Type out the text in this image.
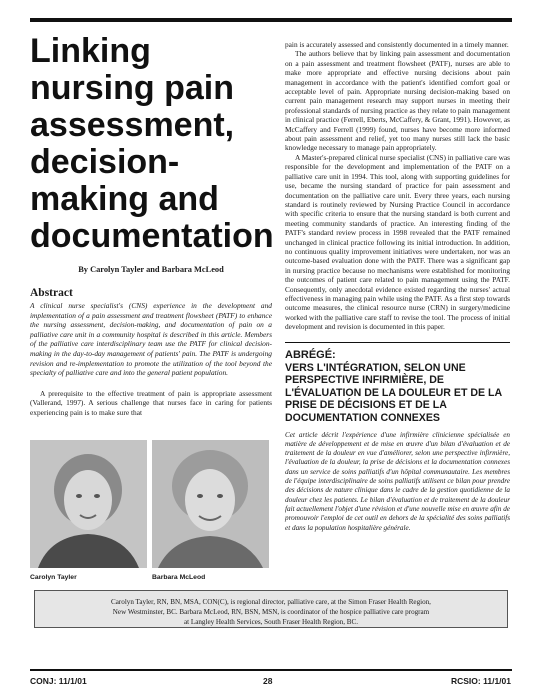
Linking nursing pain assessment, decision-making and documentation
By Carolyn Tayler and Barbara McLeod
Abstract
A clinical nurse specialist's (CNS) experience in the development and implementation of a pain assessment and treatment flowsheet (PATF) to enhance the nursing assessment, decision-making, and documentation of pain on a palliative care unit in a community hospital is described in this article. Members of the palliative care interdisciplinary team use the PATF for clinical decision-making in the day-to-day management of patients' pain. The PATF is undergoing revision and re-implementation to promote the utilization of the tool beyond the specialty of palliative care and into the general patient population.
A prerequisite to the effective treatment of pain is appropriate assessment (Vallerand, 1997). A serious challenge that nurses face in caring for patients experiencing pain is to make sure that
Carolyn Tayler	Barbara McLeod

pain is accurately assessed and consistently documented in a timely manner.

The authors believe that by linking pain assessment and documentation on a pain assessment and treatment flowsheet (PATF), nurses are able to make more appropriate and effective nursing decisions about pain management in accordance with the patient's identified comfort goal or acceptable level of pain. Appropriate nursing decision-making based on current pain management research may support nurses in meeting their professional standards of nursing practice as they relate to pain management in clinical practice (Ferrell, Eberts, McCaffery, & Grant, 1991). However, as McCaffery and Ferrell (1999) found, nurses have become more informed about pain assessment and relief, yet too many nurses still lack the basic knowledge necessary to manage pain appropriately.

A Master's-prepared clinical nurse specialist (CNS) in palliative care was responsible for the development and implementation of the PATF on a palliative care unit in 1994. This tool, along with supporting guidelines for use, became the nursing standard of practice for pain assessment and documentation on the palliative care unit. Every three years, each nursing standard is routinely reviewed by Nursing Practice Council in accordance with specific criteria to ensure that the nursing standard is both current and meeting community standards of practice. An interesting finding of the PATF's standard review process in 1998 revealed that the PATF remained unchanged in clinical practice following its initial introduction. In addition, no continuous quality improvement initiatives were undertaken, nor was an outcome-based evaluation done with the PATF. There was a significant gap in nursing practice because no mechanisms were established for monitoring the outcomes of patient care related to pain management using the PATF. Consequently, only anecdotal evidence existed regarding the nurses' actual effectiveness in managing pain while using the PATF. As a first step towards outcome measures, the clinical resource nurse (CRN) in surgery/medicine worked with the palliative care staff to revise the tool. The process of initial development and revision is documented in this paper.

ABRÉGÉ:
VERS L'INTÉGRATION, SELON UNE PERSPECTIVE INFIRMIÈRE, DE L'ÉVALUATION DE LA DOULEUR ET DE LA PRISE DE DÉCISIONS ET DE LA DOCUMENTATION CONNEXES
Cet article décrit l'expérience d'une infirmière clinicienne spécialisée en matière de développement et de mise en œuvre d'un bilan d'évaluation et de traitement de la douleur en vue d'améliorer, selon une perspective infirmière, l'évaluation de la douleur, la prise de décisions et la documentation connexes dans un service de soins palliatifs d'un hôpital communautaire. Les membres de l'équipe interdisciplinaire de soins palliatifs utilisent ce bilan pour prendre des décisions de nature clinique dans le cadre de la gestion quotidienne de la douleur chez les patients. Le bilan d'évaluation et de traitement de la douleur fait actuellement l'objet d'une révision et d'une nouvelle mise en œuvre afin de promouvoir l'emploi de cet outil en dehors de la spécialité des soins palliatifs et dans la population hospitalière générale.
Carolyn Tayler, RN, BN, MSA, CON(C), is regional director, palliative care, at the Simon Fraser Health Region,
New Westminster, BC. Barbara McLeod, RN, BSN, MSN, is coordinator of the hospice palliative care program
at Langley Health Services, South Fraser Health Region, BC.
CONJ: 11/1/01	28	RCSIO: 11/1/01
